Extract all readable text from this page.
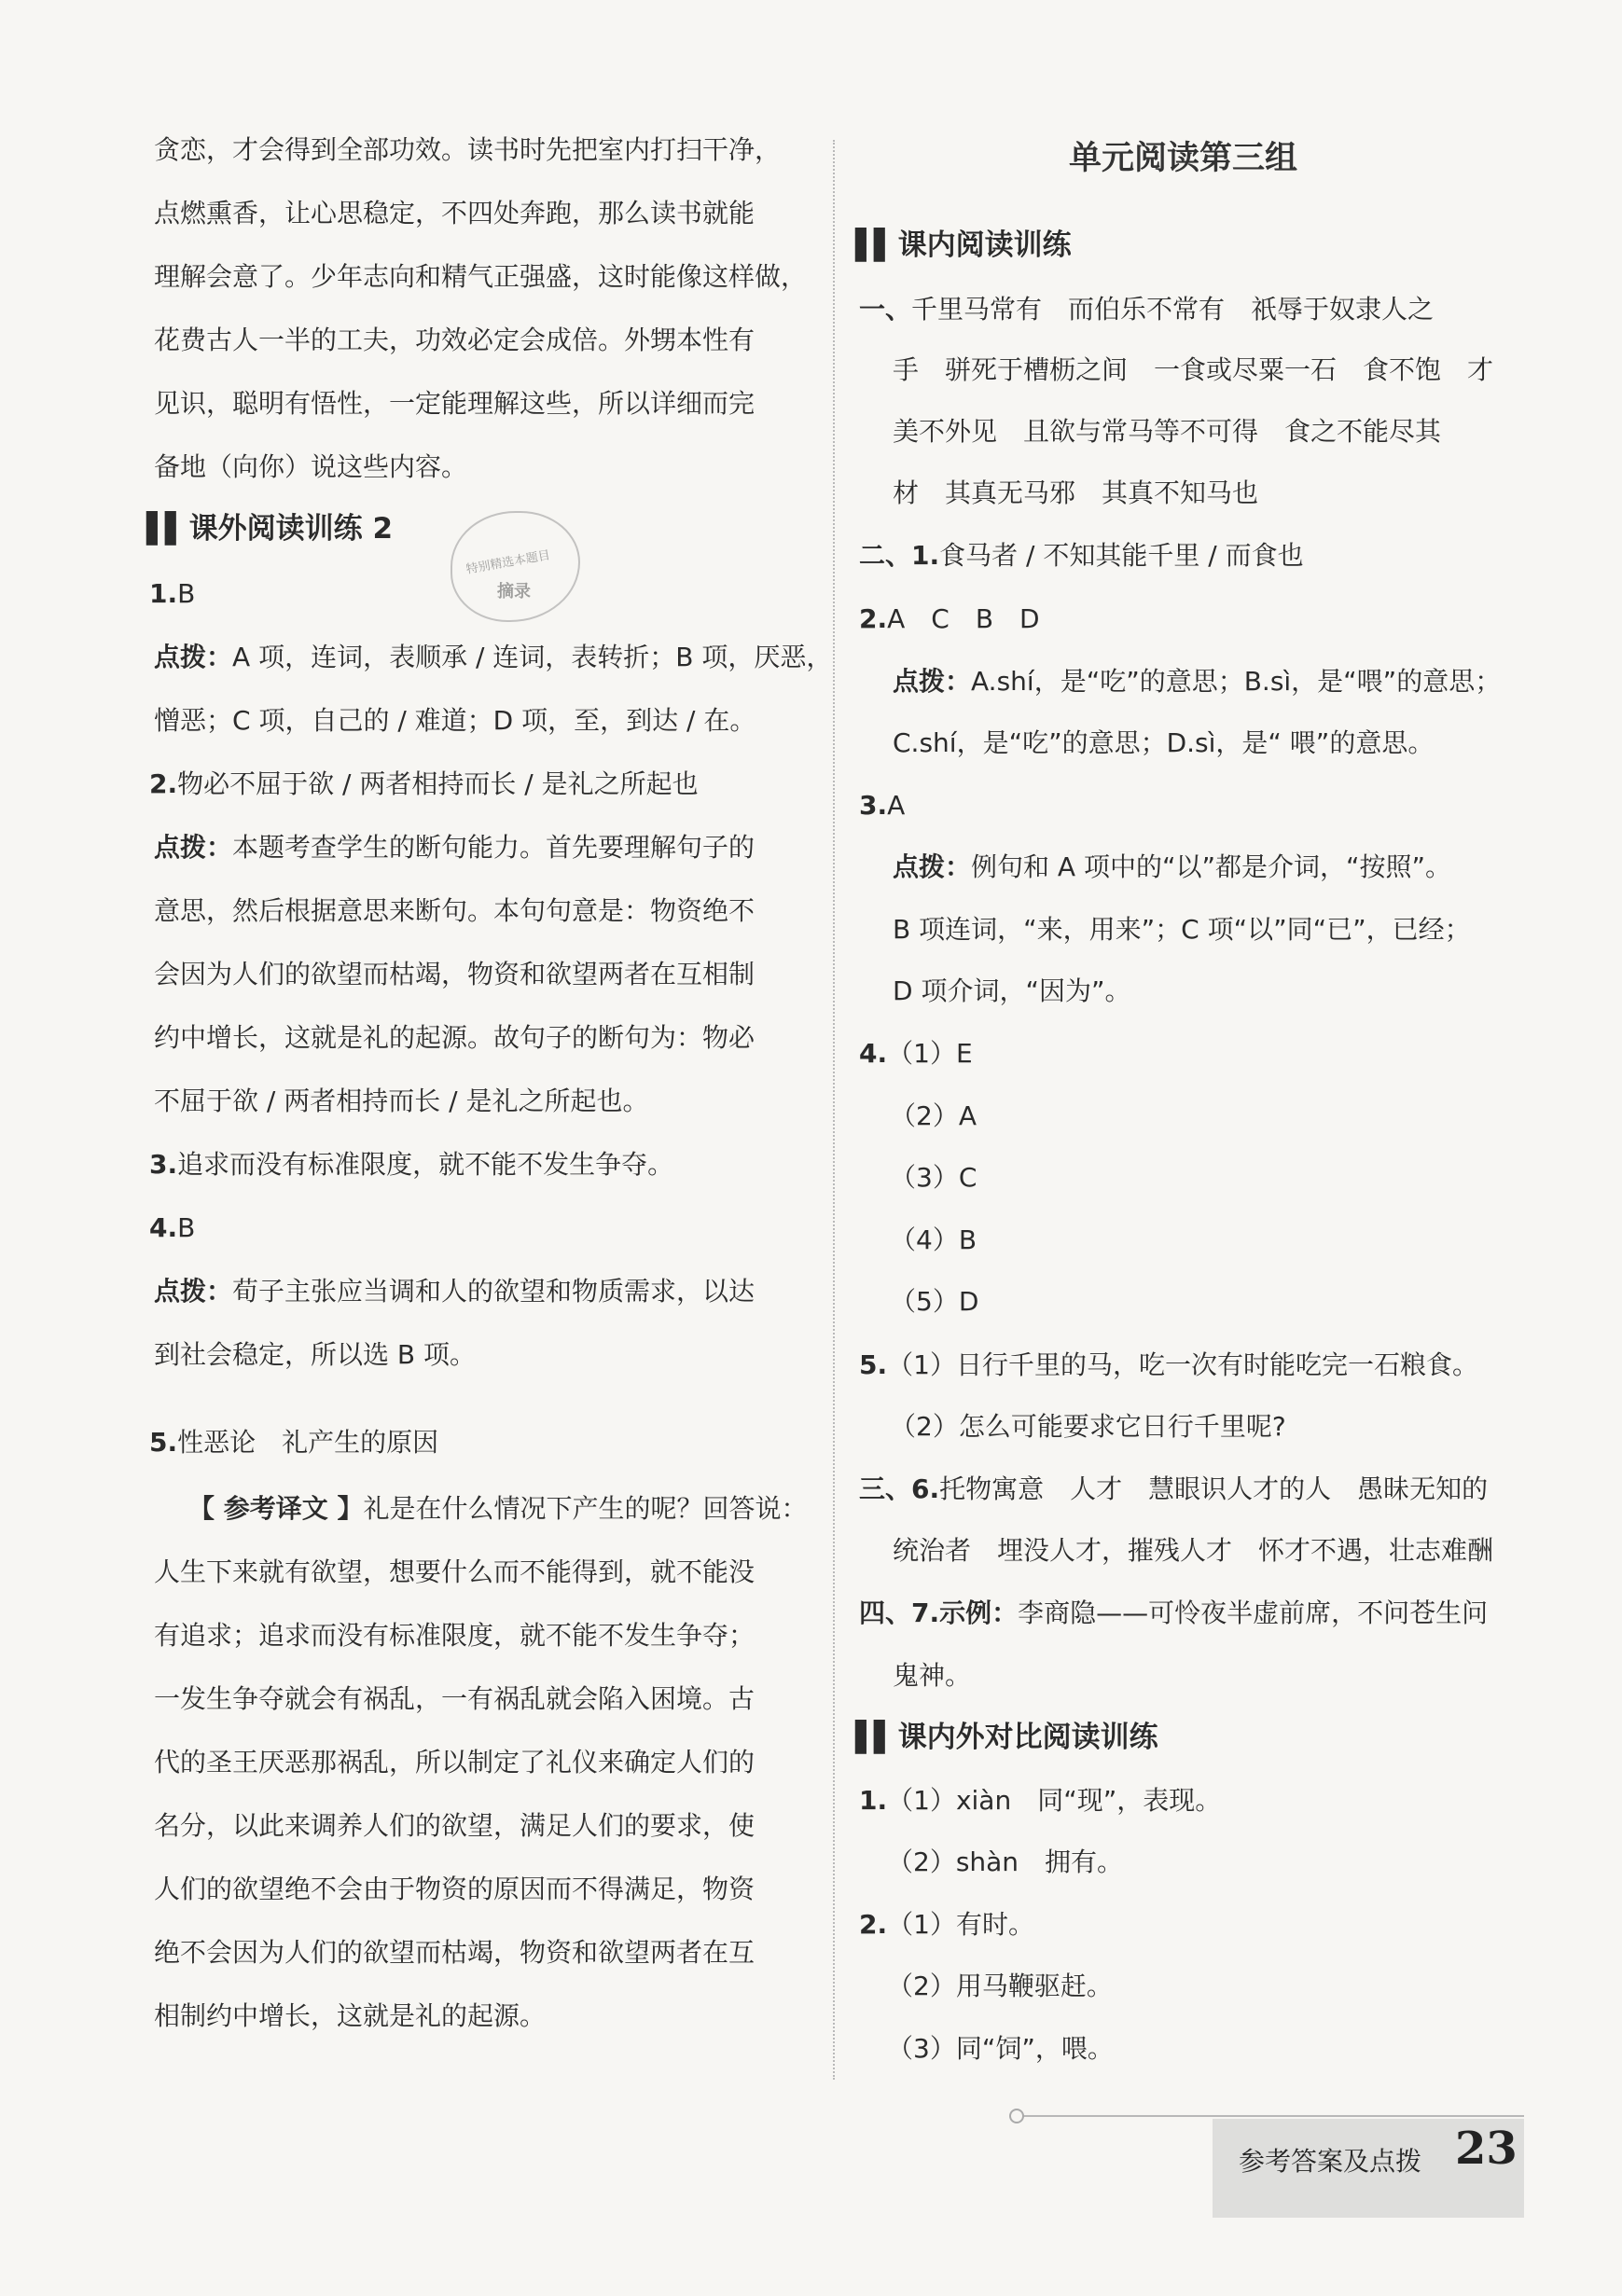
贪恋，才会得到全部功效。读书时先把室内打扫干净，
点燃熏香，让心思稳定，不四处奔跑，那么读书就能
理解会意了。少年志向和精气正强盛，这时能像这样做，
花费古人一半的工夫，功效必定会成倍。外甥本性有
见识，聪明有悟性，一定能理解这些，所以详细而完
备地（向你）说这些内容。
▌▌ 课外阅读训练 2
特别精选本题目
摘录
1.B
点拨：A 项，连词，表顺承 / 连词，表转折；B 项，厌恶，
憎恶；C 项，自己的 / 难道；D 项，至，到达 / 在。
2.物必不屈于欲 / 两者相持而长 / 是礼之所起也
点拨：本题考查学生的断句能力。首先要理解句子的
意思，然后根据意思来断句。本句句意是：物资绝不
会因为人们的欲望而枯竭，物资和欲望两者在互相制
约中增长，这就是礼的起源。故句子的断句为：物必
不屈于欲 / 两者相持而长 / 是礼之所起也。
3.追求而没有标准限度，就不能不发生争夺。
4.B
点拨：荀子主张应当调和人的欲望和物质需求，以达
到社会稳定，所以选 B 项。
5.性恶论　礼产生的原因
【 参考译文 】礼是在什么情况下产生的呢？回答说：
人生下来就有欲望，想要什么而不能得到，就不能没
有追求；追求而没有标准限度，就不能不发生争夺；
一发生争夺就会有祸乱，一有祸乱就会陷入困境。古
代的圣王厌恶那祸乱，所以制定了礼仪来确定人们的
名分，以此来调养人们的欲望，满足人们的要求，使
人们的欲望绝不会由于物资的原因而不得满足，物资
绝不会因为人们的欲望而枯竭，物资和欲望两者在互
相制约中增长，这就是礼的起源。
单元阅读第三组
▌▌ 课内阅读训练
一、千里马常有　而伯乐不常有　祇辱于奴隶人之
手　骈死于槽枥之间　一食或尽粟一石　食不饱　才
美不外见　且欲与常马等不可得　食之不能尽其
材　其真无马邪　其真不知马也
二、1.食马者 / 不知其能千里 / 而食也
2.A　C　B　D
点拨：A.shí，是“吃”的意思；B.sì，是“喂”的意思；
C.shí，是“吃”的意思；D.sì，是“ 喂”的意思。
3.A
点拨：例句和 A 项中的“以”都是介词，“按照”。
B 项连词，“来，用来”；C 项“以”同“已”，已经；
D 项介词，“因为”。
4.（1）E
（2）A
（3）C
（4）B
（5）D
5.（1）日行千里的马，吃一次有时能吃完一石粮食。
（2）怎么可能要求它日行千里呢?
三、6.托物寓意　人才　慧眼识人才的人　愚昧无知的
统治者　埋没人才，摧残人才　怀才不遇，壮志难酬
四、7.示例：李商隐——可怜夜半虚前席，不问苍生问
鬼神。
▌▌ 课内外对比阅读训练
1.（1）xiàn　同“现”，表现。
（2）shàn　拥有。
2.（1）有时。
（2）用马鞭驱赶。
（3）同“饲”，喂。
参考答案及点拨 23
